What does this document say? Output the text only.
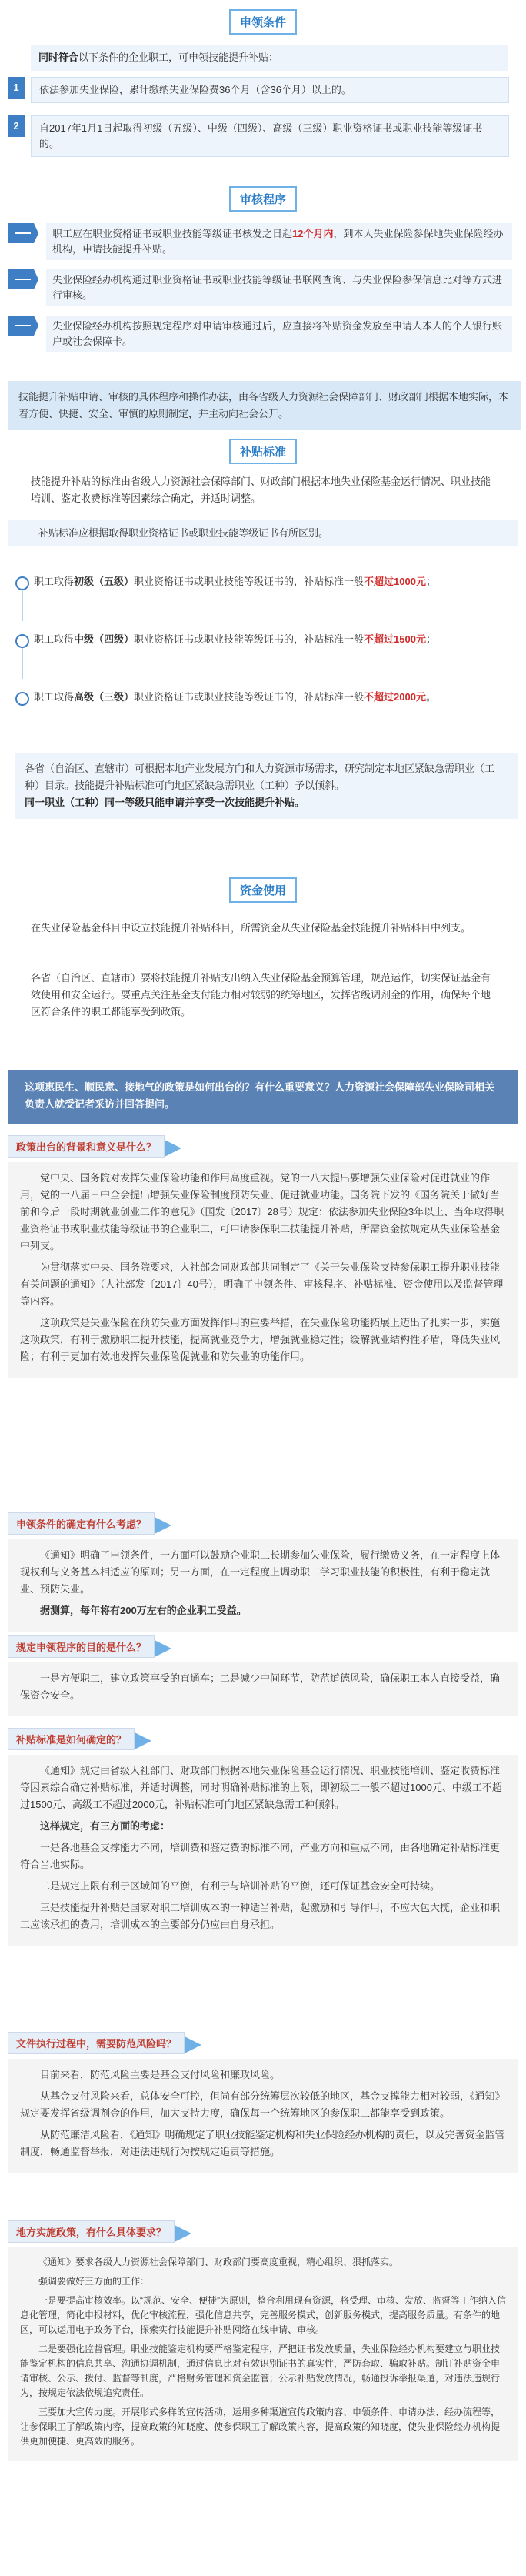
申领条件
同时符合以下条件的企业职工，可申领技能提升补贴：
1	依法参加失业保险，累计缴纳失业保险费36个月（含36个月）以上的。
2	自2017年1月1日起取得初级（五级）、中级（四级）、高级（三级）职业资格证书或职业技能等级证书的。
审核程序
职工应在职业资格证书或职业技能等级证书核发之日起12个月内，到本人失业保险参保地失业保险经办机构，申请技能提升补贴。
失业保险经办机构通过职业资格证书或职业技能等级证书联网查询、与失业保险参保信息比对等方式进行审核。
失业保险经办机构按照规定程序对申请审核通过后，应直接将补贴资金发放至申请人本人的个人银行账户或社会保障卡。
技能提升补贴申请、审核的具体程序和操作办法，由各省级人力资源社会保障部门、财政部门根据本地实际，本着方便、快捷、安全、审慎的原则制定，并主动向社会公开。
补贴标准
技能提升补贴的标准由省级人力资源社会保障部门、财政部门根据本地失业保险基金运行情况、职业技能培训、鉴定收费标准等因素综合确定，并适时调整。
补贴标准应根据取得职业资格证书或职业技能等级证书有所区别。
职工取得初级（五级）职业资格证书或职业技能等级证书的，补贴标准一般不超过1000元；
职工取得中级（四级）职业资格证书或职业技能等级证书的，补贴标准一般不超过1500元；
职工取得高级（三级）职业资格证书或职业技能等级证书的，补贴标准一般不超过2000元。
各省（自治区、直辖市）可根据本地产业发展方向和人力资源市场需求，研究制定本地区紧缺急需职业（工种）目录。技能提升补贴标准可向地区紧缺急需职业（工种）予以倾斜。
同一职业（工种）同一等级只能申请并享受一次技能提升补贴。
资金使用
在失业保险基金科目中设立技能提升补贴科目，所需资金从失业保险基金技能提升补贴科目中列支。
各省（自治区、直辖市）要将技能提升补贴支出纳入失业保险基金预算管理，规范运作，切实保证基金有效使用和安全运行。要重点关注基金支付能力相对较弱的统筹地区，发挥省级调剂金的作用，确保每个地区符合条件的职工都能享受到政策。
这项惠民生、顺民意、接地气的政策是如何出台的？有什么重要意义？人力资源社会保障部失业保险司相关负责人就受记者采访并回答提问。
政策出台的背景和意义是什么？

党中央、国务院对发挥失业保险功能和作用高度重视。党的十八大提出要增强失业保险对促进就业的作用，党的十八届三中全会提出增强失业保险制度预防失业、促进就业功能。国务院下发的《国务院关于做好当前和今后一段时期就业创业工作的意见》（国发〔2017〕28号）规定：依法参加失业保险3年以上、当年取得职业资格证书或职业技能等级证书的企业职工，可申请参保职工技能提升补贴，所需资金按规定从失业保险基金中列支。

为贯彻落实中央、国务院要求，人社部会同财政部共同制定了《关于失业保险支持参保职工提升职业技能有关问题的通知》（人社部发〔2017〕40号），明确了申领条件、审核程序、补贴标准、资金使用以及监督管理等内容。

这项政策是失业保险在预防失业方面发挥作用的重要举措，在失业保险功能拓展上迈出了扎实一步，实施这项政策，有利于激励职工提升技能，提高就业竞争力，增强就业稳定性；缓解就业结构性矛盾，降低失业风险；有利于更加有效地发挥失业保险促就业和防失业的功能作用。

申领条件的确定有什么考虑？

《通知》明确了申领条件，一方面可以鼓励企业职工长期参加失业保险，履行缴费义务，在一定程度上体现权利与义务基本相适应的原则；另一方面，在一定程度上调动职工学习职业技能的积极性，有利于稳定就业、预防失业。

据测算，每年将有200万左右的企业职工受益。

规定申领程序的目的是什么？

一是方便职工，建立政策享受的直通车；二是减少中间环节，防范道德风险，确保职工本人直接受益，确保资金安全。

补贴标准是如何确定的？

《通知》规定由省级人社部门、财政部门根据本地失业保险基金运行情况、职业技能培训、鉴定收费标准等因素综合确定补贴标准，并适时调整，同时明确补贴标准的上限，即初级工一般不超过1000元、中级工不超过1500元、高级工不超过2000元，补贴标准可向地区紧缺急需工种倾斜。

这样规定，有三方面的考虑：

一是各地基金支撑能力不同，培训费和鉴定费的标准不同，产业方向和重点不同，由各地确定补贴标准更符合当地实际。

二是规定上限有利于区域间的平衡，有利于与培训补贴的平衡，还可保证基金安全可持续。

三是技能提升补贴是国家对职工培训成本的一种适当补贴，起激励和引导作用，不应大包大揽，企业和职工应该承担的费用，培训成本的主要部分仍应由自身承担。

文件执行过程中，需要防范风险吗？

目前来看，防范风险主要是基金支付风险和廉政风险。

从基金支付风险来看，总体安全可控，但尚有部分统筹层次较低的地区，基金支撑能力相对较弱，《通知》规定要发挥省级调剂金的作用，加大支持力度，确保每一个统筹地区的参保职工都能享受到政策。

从防范廉洁风险看，《通知》明确规定了职业技能鉴定机构和失业保险经办机构的责任，以及完善资金监管制度，畅通监督举报，对违法违规行为按规定追责等措施。

地方实施政策，有什么具体要求？

《通知》要求各级人力资源社会保障部门、财政部门要高度重视，精心组织、狠抓落实。

强调要做好三方面的工作：

一是要提高审核效率。以“规范、安全、便捷”为原则，整合利用现有资源，将受理、审核、发放、监督等工作纳入信息化管理，简化申报材料，优化审核流程，强化信息共享，完善服务模式，创新服务模式，提高服务质量。有条件的地区，可以运用电子政务平台，探索实行技能提升补贴网络在线申请、审核。

二是要强化监督管理。职业技能鉴定机构要严格鉴定程序，严把证书发放质量，失业保险经办机构要建立与职业技能鉴定机构的信息共享、沟通协调机制，通过信息比对有效识别证书的真实性，严防套取、骗取补贴。制订补贴资金申请审核、公示、拨付、监督等制度，严格财务管理和资金监管；公示补贴发放情况，畅通投诉举报渠道，对违法违规行为，按规定依法依规追究责任。

三要加大宣传力度。开展形式多样的宣传活动，运用多种渠道宣传政策内容、申领条件、申请办法、经办流程等，让参保职工了解政策内容，提高政策的知晓度、使参保职工了解政策内容，提高政策的知晓度，使失业保险经办机构提供更加便捷、更高效的服务。
